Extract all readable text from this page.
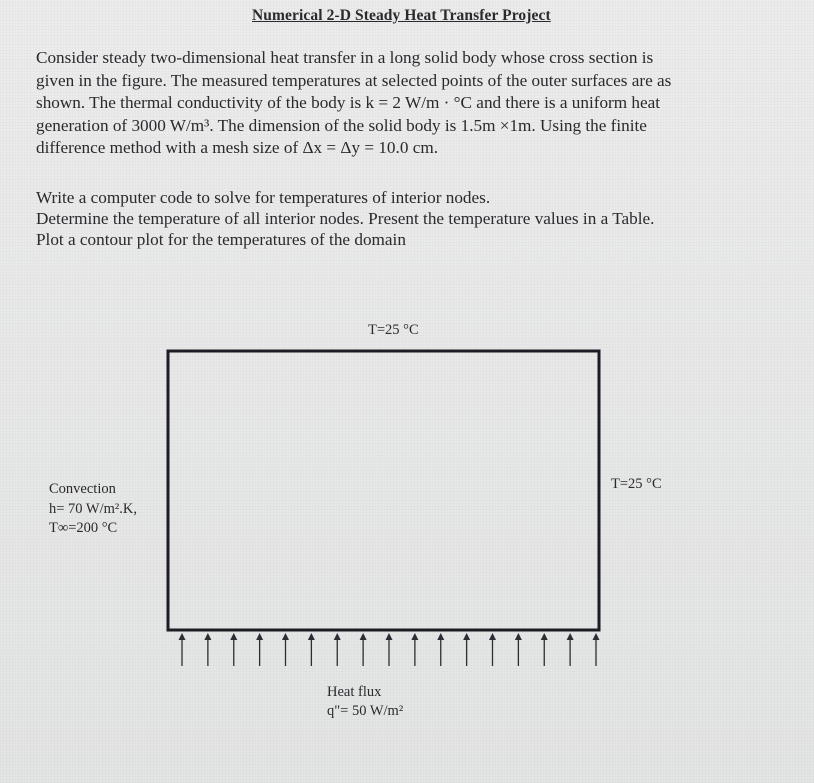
Numerical 2-D Steady Heat Transfer Project
Consider steady two-dimensional heat transfer in a long solid body whose cross section is
given in the figure. The measured temperatures at selected points of the outer surfaces are as
shown. The thermal conductivity of the body is k = 2 W/m · °C and there is a uniform heat
generation of 3000 W/m³. The dimension of the solid body is 1.5m ×1m. Using the finite
difference method with a mesh size of Δx = Δy = 10.0 cm.
Write a computer code to solve for temperatures of interior nodes.
Determine the temperature of all interior nodes. Present the temperature values in a Table.
Plot a contour plot for the temperatures of the domain
T=25 °C
T=25 °C
Convection
h= 70 W/m².K,
T∞=200 °C
Heat flux
q"= 50 W/m²
